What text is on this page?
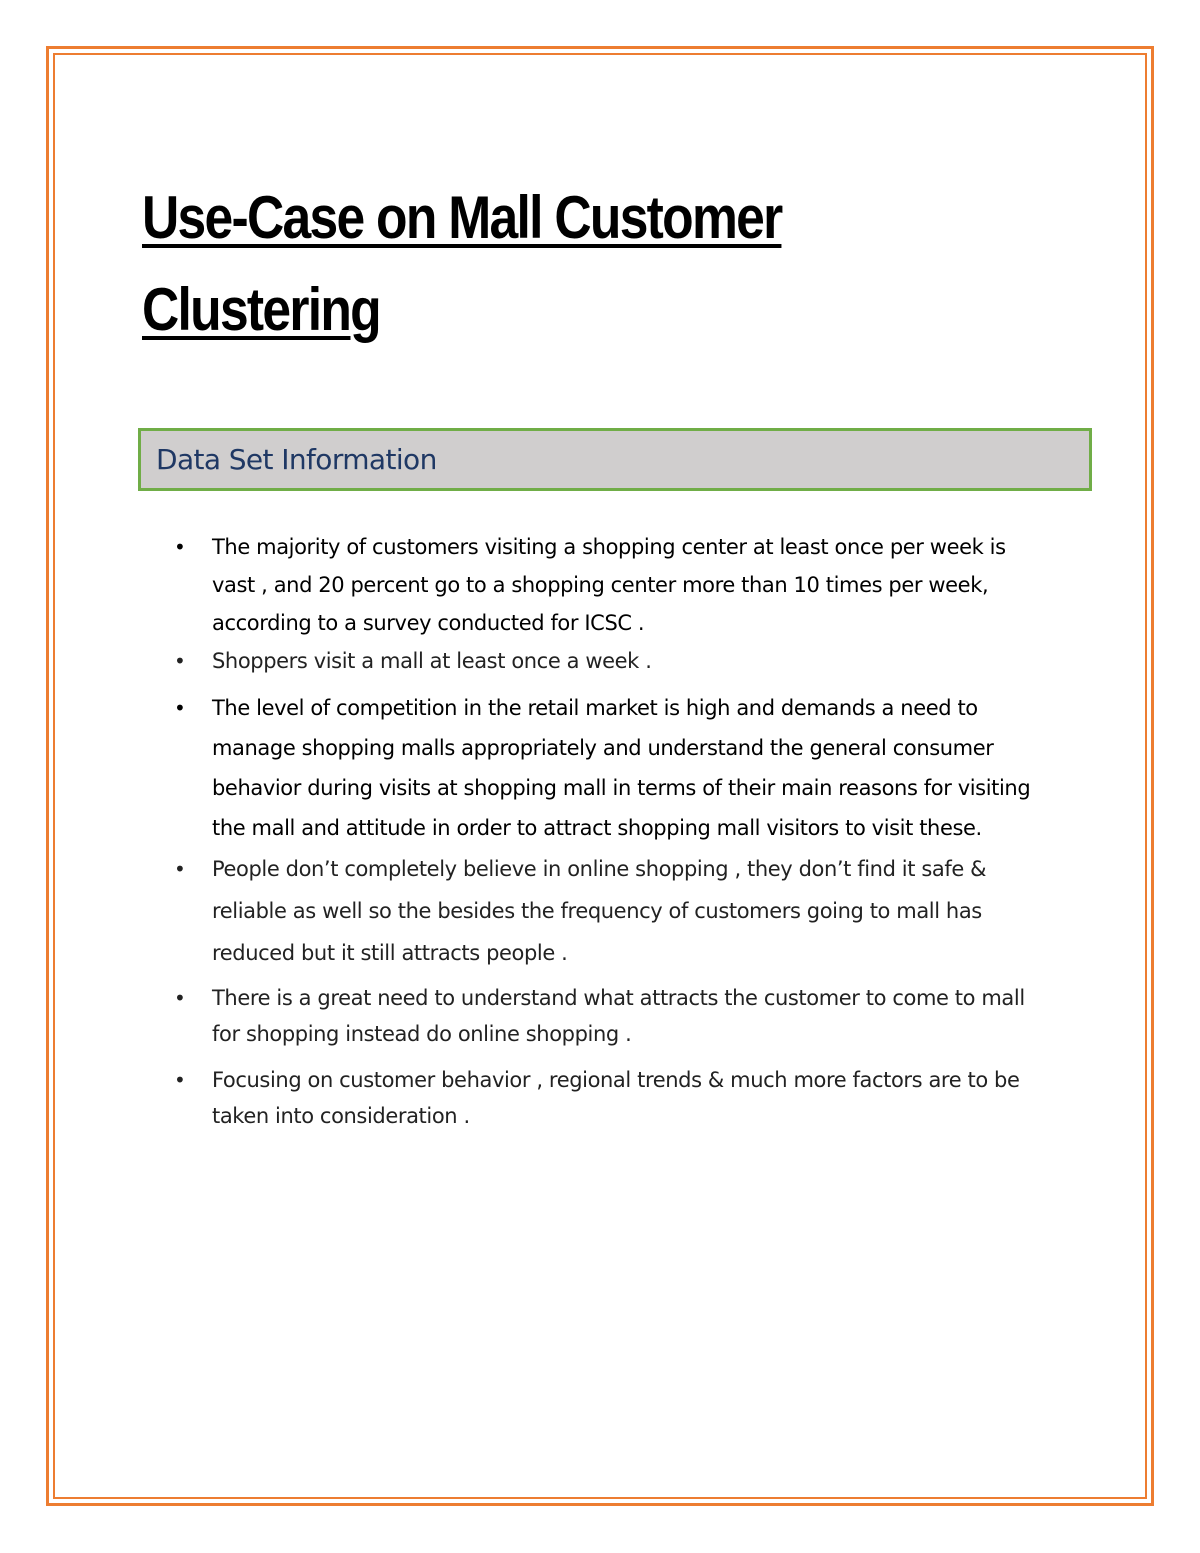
Use-Case on Mall Customer Clustering
Data Set Information
• The majority of customers visiting a shopping center at least once per week is vast , and 20 percent go to a shopping center more than 10 times per week, according to a survey conducted for ICSC .
• Shoppers visit a mall at least once a week .
• The level of competition in the retail market is high and demands a need to manage shopping malls appropriately and understand the general consumer behavior during visits at shopping mall in terms of their main reasons for visiting the mall and attitude in order to attract shopping mall visitors to visit these.
• People don’t completely believe in online shopping , they don’t find it safe & reliable as well so the besides the frequency of customers going to mall has reduced but it still attracts people .
• There is a great need to understand what attracts the customer to come to mall for shopping instead do online shopping .
• Focusing on customer behavior , regional trends & much more factors are to be taken into consideration .
